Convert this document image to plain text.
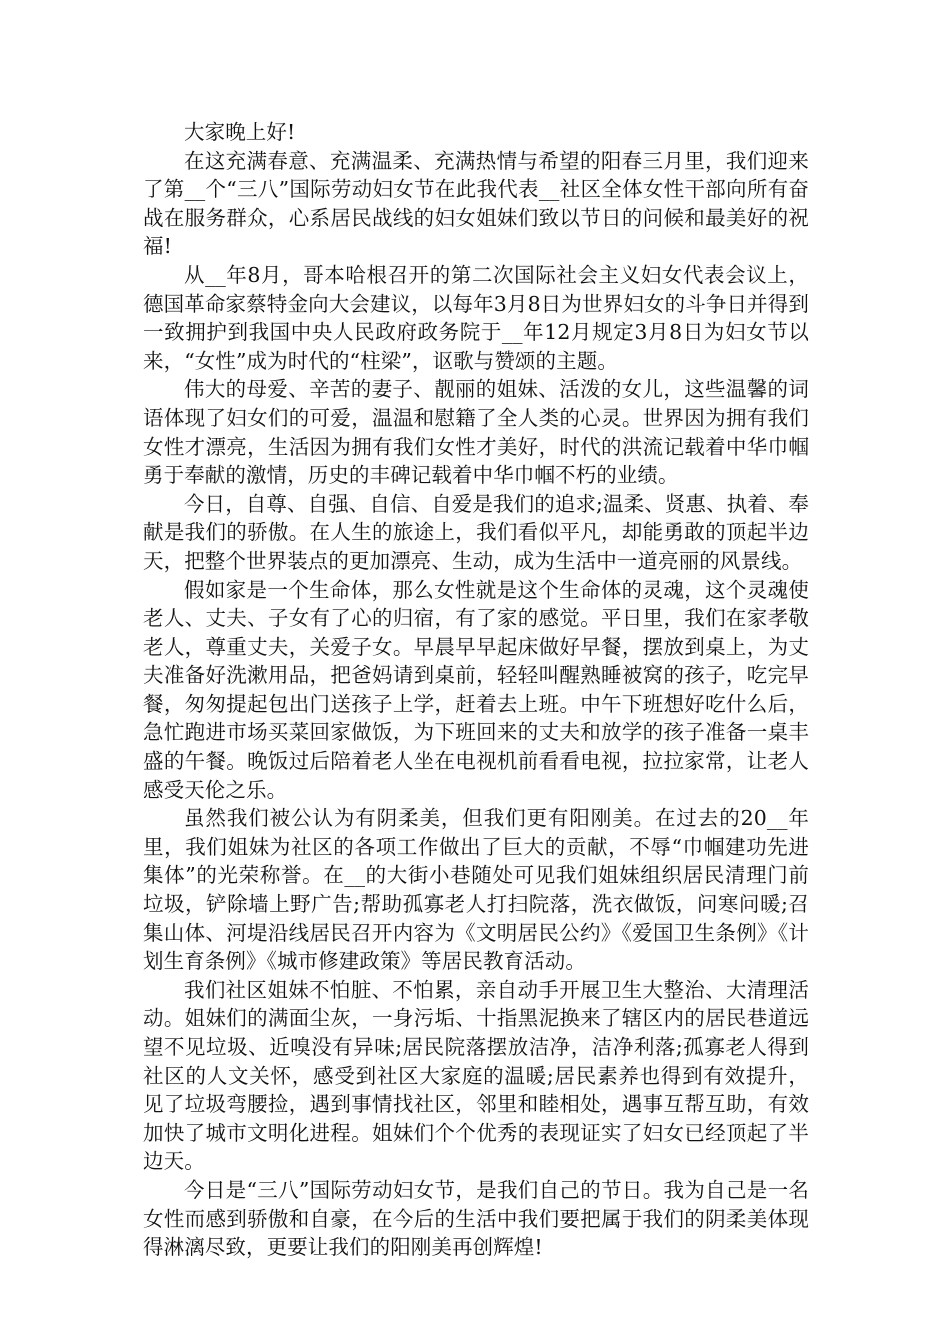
大家晚上好!

在这充满春意、充满温柔、充满热情与希望的阳春三月里，我们迎来了第__个“三八”国际劳动妇女节在此我代表__社区全体女性干部向所有奋战在服务群众，心系居民战线的妇女姐妹们致以节日的问候和最美好的祝福!

从__年8月，哥本哈根召开的第二次国际社会主义妇女代表会议上，德国革命家蔡特金向大会建议，以每年3月8日为世界妇女的斗争日并得到一致拥护到我国中央人民政府政务院于__年12月规定3月8日为妇女节以来，“女性”成为时代的“柱梁”，讴歌与赞颂的主题。

伟大的母爱、辛苦的妻子、靓丽的姐妹、活泼的女儿，这些温馨的词语体现了妇女们的可爱，温温和慰籍了全人类的心灵。世界因为拥有我们女性才漂亮，生活因为拥有我们女性才美好，时代的洪流记载着中华巾帼勇于奉献的激情，历史的丰碑记载着中华巾帼不朽的业绩。

今日，自尊、自强、自信、自爱是我们的追求;温柔、贤惠、执着、奉献是我们的骄傲。在人生的旅途上，我们看似平凡，却能勇敢的顶起半边天，把整个世界装点的更加漂亮、生动，成为生活中一道亮丽的风景线。

假如家是一个生命体，那么女性就是这个生命体的灵魂，这个灵魂使老人、丈夫、子女有了心的归宿，有了家的感觉。平日里，我们在家孝敬老人，尊重丈夫，关爱子女。早晨早早起床做好早餐，摆放到桌上，为丈夫准备好洗漱用品，把爸妈请到桌前，轻轻叫醒熟睡被窝的孩子，吃完早餐，匆匆提起包出门送孩子上学，赶着去上班。中午下班想好吃什么后，急忙跑进市场买菜回家做饭，为下班回来的丈夫和放学的孩子准备一桌丰盛的午餐。晚饭过后陪着老人坐在电视机前看看电视，拉拉家常，让老人感受天伦之乐。

虽然我们被公认为有阴柔美，但我们更有阳刚美。在过去的20__年里，我们姐妹为社区的各项工作做出了巨大的贡献，不辱“巾帼建功先进集体”的光荣称誉。在__的大街小巷随处可见我们姐妹组织居民清理门前垃圾，铲除墙上野广告;帮助孤寡老人打扫院落，洗衣做饭，问寒问暖;召集山体、河堤沿线居民召开内容为《文明居民公约》《爱国卫生条例》《计划生育条例》《城市修建政策》等居民教育活动。

我们社区姐妹不怕脏、不怕累，亲自动手开展卫生大整治、大清理活动。姐妹们的满面尘灰，一身污垢、十指黑泥换来了辖区内的居民巷道远望不见垃圾、近嗅没有异味;居民院落摆放洁净，洁净利落;孤寡老人得到社区的人文关怀，感受到社区大家庭的温暖;居民素养也得到有效提升，见了垃圾弯腰捡，遇到事情找社区，邻里和睦相处，遇事互帮互助，有效加快了城市文明化进程。姐妹们个个优秀的表现证实了妇女已经顶起了半边天。

今日是“三八”国际劳动妇女节，是我们自己的节日。我为自己是一名女性而感到骄傲和自豪，在今后的生活中我们要把属于我们的阴柔美体现得淋漓尽致，更要让我们的阳刚美再创辉煌!
